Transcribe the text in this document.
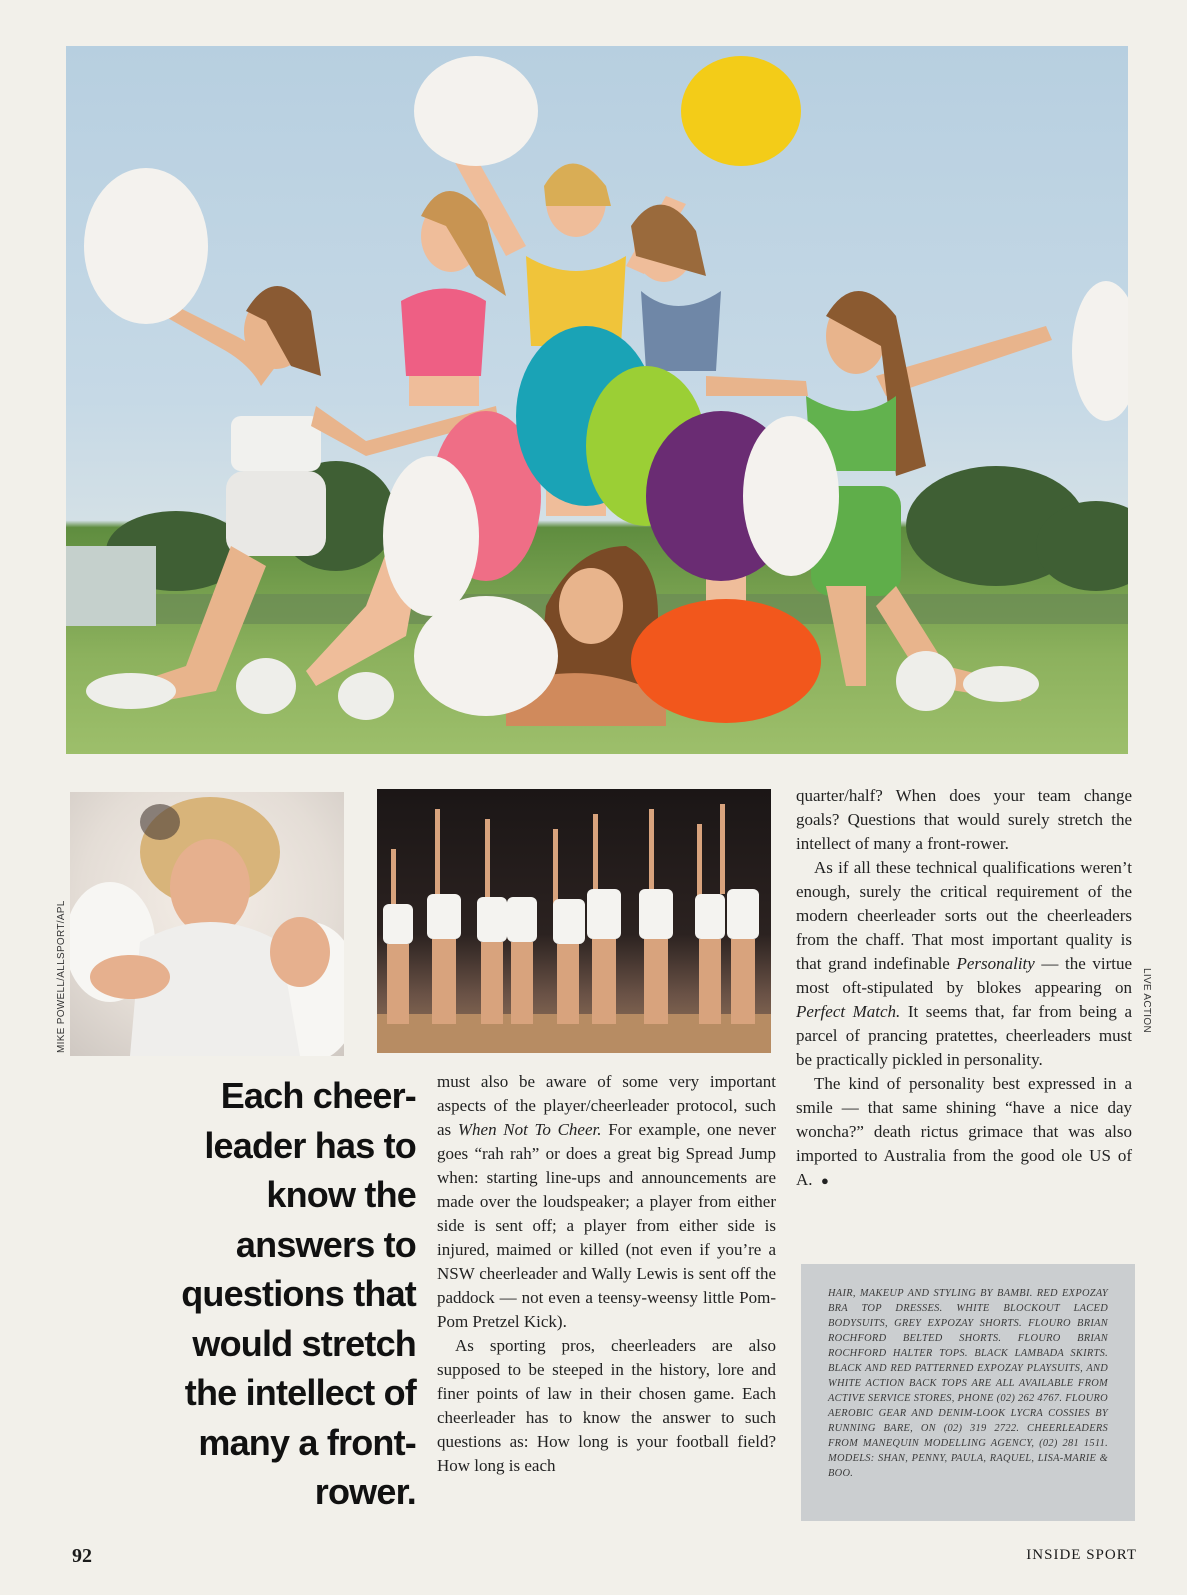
MIKE POWELL/ALLSPORT/APL	LIVE ACTION
Each cheer-
leader has to
know the
answers to
questions that
would stretch
the intellect of
many a front-
rower.

must also be aware of some very important aspects of the player/cheerleader protocol, such as When Not To Cheer. For example, one never goes “rah rah” or does a great big Spread Jump when: starting line-ups and announcements are made over the loudspeaker; a player from either side is sent off; a player from either side is injured, maimed or killed (not even if you’re a NSW cheerleader and Wally Lewis is sent off the paddock — not even a teensy-weensy little Pom-Pom Pretzel Kick).

As sporting pros, cheerleaders are also supposed to be steeped in the history, lore and finer points of law in their chosen game. Each cheerleader has to know the answer to such questions as: How long is your football field? How long is each

quarter/half? When does your team change goals? Questions that would surely stretch the intellect of many a front-rower.

As if all these technical qualifications weren’t enough, surely the critical requirement of the modern cheerleader sorts out the cheerleaders from the chaff. That most important quality is that grand indefinable Personality — the virtue most oft-stipulated by blokes appearing on Perfect Match. It seems that, far from being a parcel of prancing pratettes, cheerleaders must be practically pickled in personality.

The kind of personality best expressed in a smile — that same shining “have a nice day woncha?” death rictus grimace that was also imported to Australia from the good ole US of A. ●

HAIR, MAKEUP AND STYLING BY BAMBI. RED EXPOZAY BRA TOP DRESSES. WHITE BLOCKOUT LACED BODYSUITS, GREY EXPOZAY SHORTS. FLOURO BRIAN ROCHFORD BELTED SHORTS. FLOURO BRIAN ROCHFORD HALTER TOPS. BLACK LAMBADA SKIRTS. BLACK AND RED PATTERNED EXPOZAY PLAYSUITS, AND WHITE ACTION BACK TOPS ARE ALL AVAILABLE FROM ACTIVE SERVICE STORES, PHONE (02) 262 4767. FLOURO AEROBIC GEAR AND DENIM-LOOK LYCRA COSSIES BY RUNNING BARE, ON (02) 319 2722. CHEERLEADERS FROM MANEQUIN MODELLING AGENCY, (02) 281 1511. MODELS: SHAN, PENNY, PAULA, RAQUEL, LISA-MARIE & BOO.
92	INSIDE SPORT
